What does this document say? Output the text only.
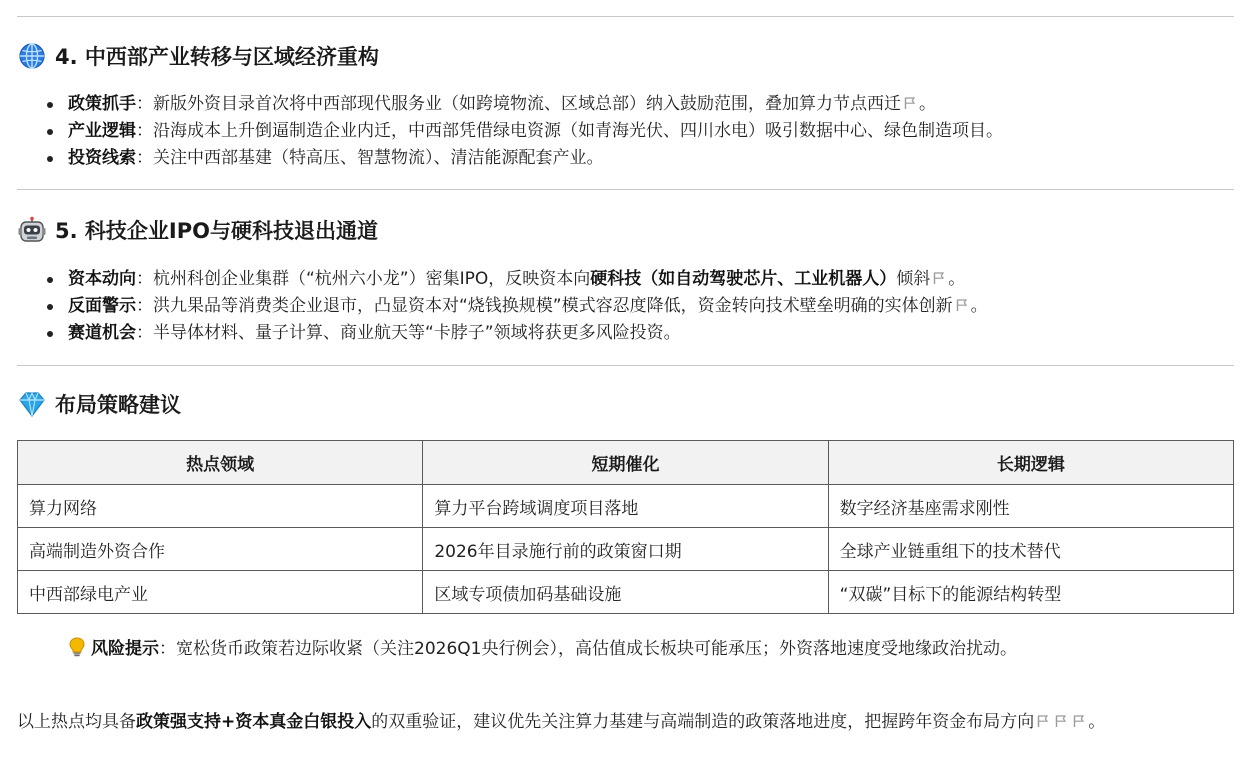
4. 中西部产业转移与区域经济重构
政策抓手：新版外资目录首次将中西部现代服务业（如跨境物流、区域总部）纳入鼓励范围，叠加算力节点西迁 。
产业逻辑：沿海成本上升倒逼制造企业内迁，中西部凭借绿电资源（如青海光伏、四川水电）吸引数据中心、绿色制造项目。
投资线索：关注中西部基建（特高压、智慧物流）、清洁能源配套产业。
5. 科技企业IPO与硬科技退出通道
资本动向：杭州科创企业集群（“杭州六小龙”）密集IPO，反映资本向硬科技（如自动驾驶芯片、工业机器人）倾斜 。
反面警示：洪九果品等消费类企业退市，凸显资本对“烧钱换规模”模式容忍度降低，资金转向技术壁垒明确的实体创新 。
赛道机会：半导体材料、量子计算、商业航天等“卡脖子”领域将获更多风险投资。
布局策略建议
热点领域	短期催化	长期逻辑
算力网络	算力平台跨域调度项目落地	数字经济基座需求刚性
高端制造外资合作	2026年目录施行前的政策窗口期	全球产业链重组下的技术替代
中西部绿电产业	区域专项债加码基础设施	“双碳”目标下的能源结构转型
风险提示：宽松货币政策若边际收紧（关注2026Q1央行例会），高估值成长板块可能承压；外资落地速度受地缘政治扰动。
以上热点均具备政策强支持+资本真金白银投入的双重验证，建议优先关注算力基建与高端制造的政策落地进度，把握跨年资金布局方向	。
